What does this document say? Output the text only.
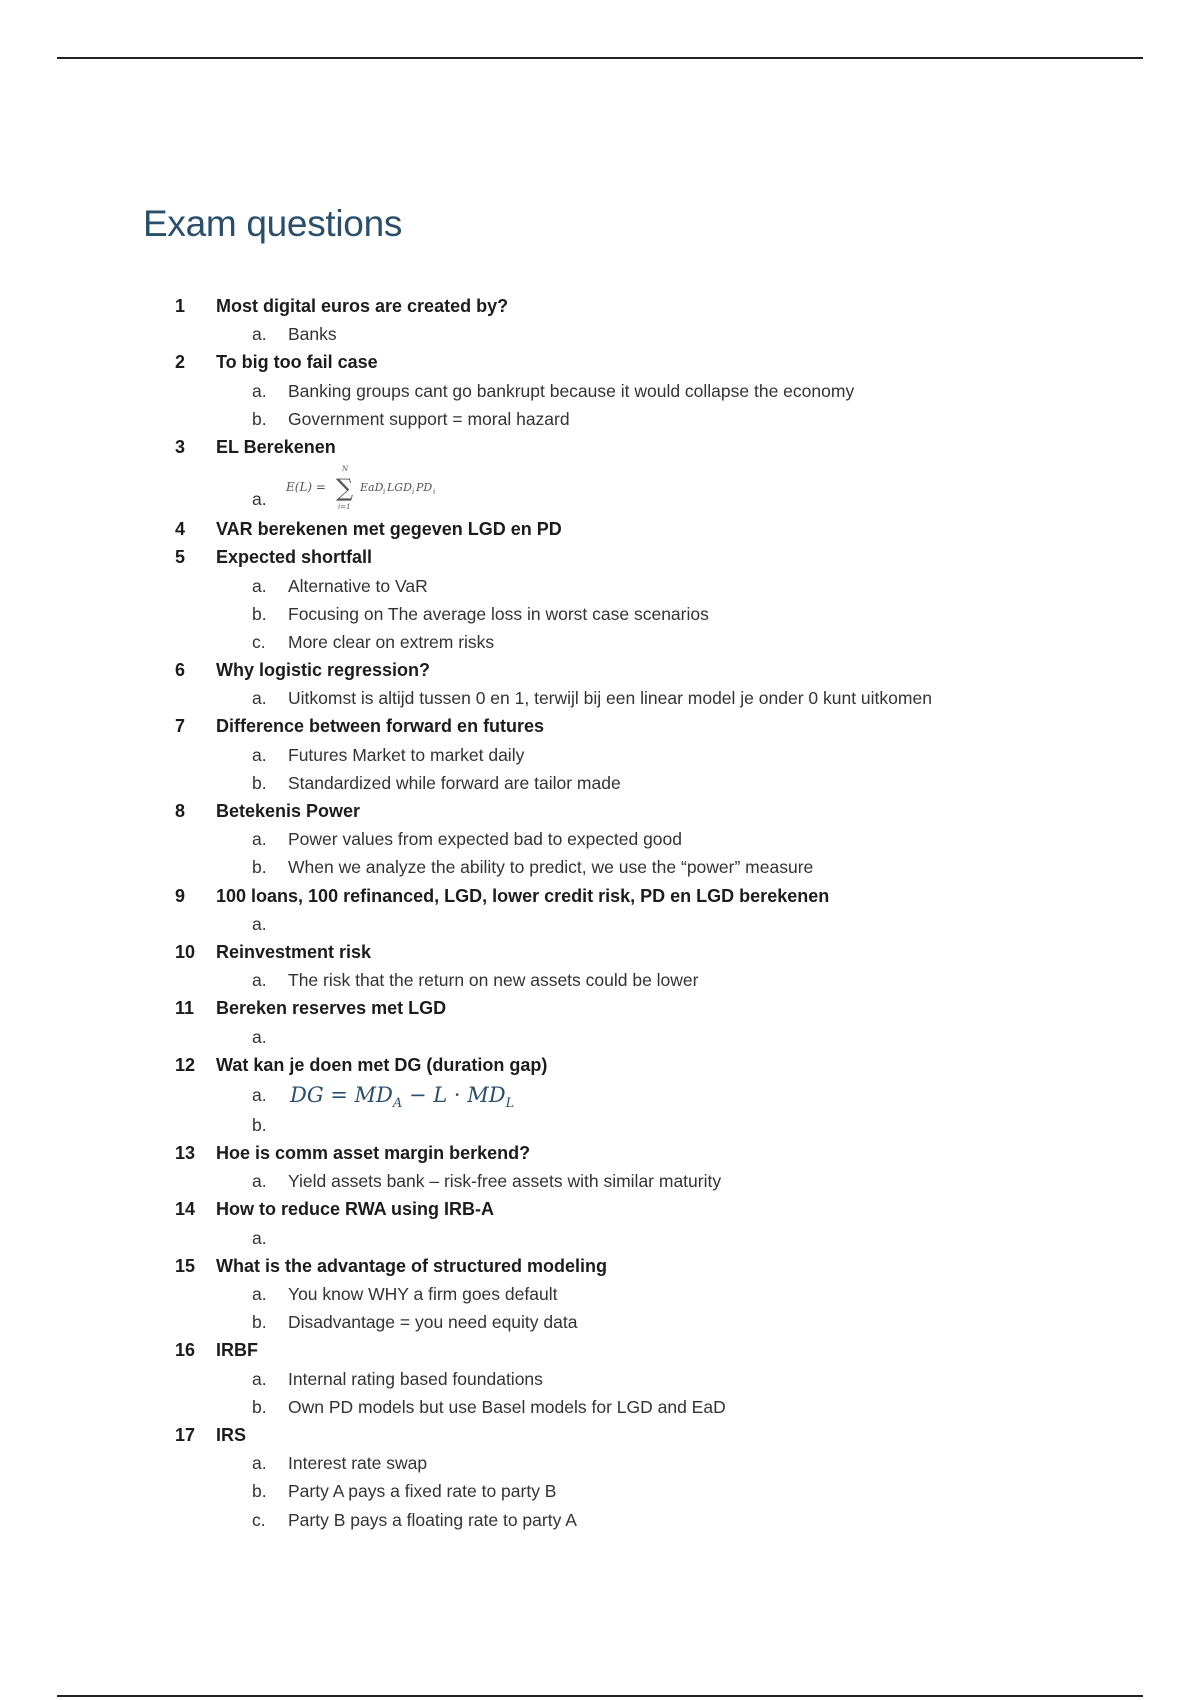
Exam questions
1	Most digital euros are created by?
a. Banks
2	To big too fail case
a. Banking groups cant go bankrupt because it would collapse the economy
b. Government support = moral hazard
3	EL Berekenen
a.
E(L) = ∑
N
i=1
EaD i LGD i PD i
4	VAR berekenen met gegeven LGD en PD
5	Expected shortfall
a. Alternative to VaR
b. Focusing on The average loss in worst case scenarios
c. More clear on extrem risks
6	Why logistic regression?
a. Uitkomst is altijd tussen 0 en 1, terwijl bij een linear model je onder 0 kunt uitkomen
7	Difference between forward en futures
a. Futures Market to market daily
b. Standardized while forward are tailor made
8	Betekenis Power
a. Power values from expected bad to expected good
b. When we analyze the ability to predict, we use the “power” measure
9	100 loans, 100 refinanced, LGD, lower credit risk, PD en LGD berekenen
a.
10	Reinvestment risk
a. The risk that the return on new assets could be lower
11	Bereken reserves met LGD
a.
12	Wat kan je doen met DG (duration gap)
a. DG = $MD_A - L \cdot MD_L$
b.
13	Hoe is comm asset margin berkend?
a. Yield assets bank – risk-free assets with similar maturity
14	How to reduce RWA using IRB-A
a.
15	What is the advantage of structured modeling
a. You know WHY a firm goes default
b. Disadvantage = you need equity data
16	IRBF
a. Internal rating based foundations
b. Own PD models but use Basel models for LGD and EaD
17	IRS
a. Interest rate swap
b. Party A pays a fixed rate to party B
c. Party B pays a floating rate to party A
